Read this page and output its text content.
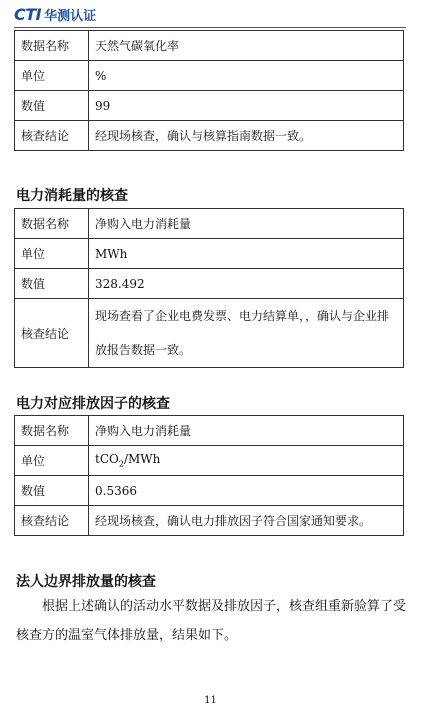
CTI 华测认证
数据名称	天然气碳氧化率
单位	%
数值	99
核查结论	经现场核查，确认与核算指南数据一致。
电力消耗量的核查
数据名称	净购入电力消耗量
单位	MWh
数值	328.492
核查结论	现场查看了企业电费发票、电力结算单，，确认与企业排放报告数据一致。
电力对应排放因子的核查
数据名称	净购入电力消耗量
单位	tCO$_2$/MWh
数值	0.5366
核查结论	经现场核查，确认电力排放因子符合国家通知要求。
法人边界排放量的核查
根据上述确认的活动水平数据及排放因子，核查组重新验算了受核查方的温室气体排放量，结果如下。
11
